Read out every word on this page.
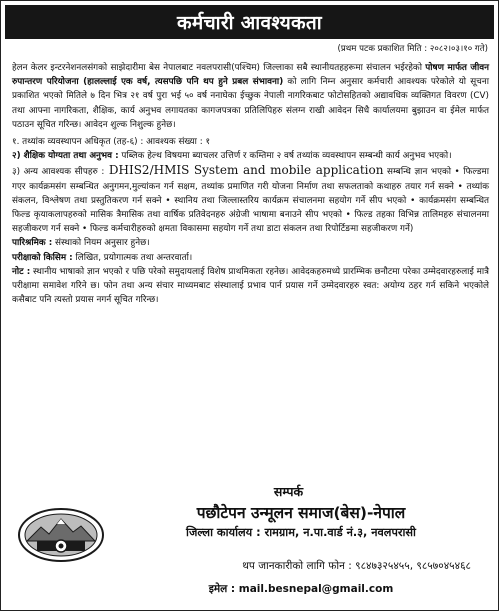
कर्मचारी आवश्यकता
(प्रथम पटक प्रकाशित मिति : २०८२।०३।१० गते)
हेलन केलर इन्टरनेशनलसंगको साझेदारीमा बेस नेपालबाट नवलपरासी(पश्चिम) जिल्लाका सबै स्थानीयतहहरूमा संचालन भईरहेको पोषण मार्फत जीवन रुपान्तरण परियोजना (हालल्लाई एक वर्ष, त्यसपछि पनि थप हुने प्रबल संभावना) को लागि निम्न अनुसार कर्मचारी आवश्यक परेकोले यो सूचना प्रकाशित भएको मितिले ७ दिन भित्र २१ वर्ष पुरा भई ५० वर्ष ननाघेका ईच्छुक नेपाली नागरिकबाट फोटोसहितको अद्यावधिक व्यक्तिगत विवरण (CV) तथा आफ्ना नागरिकता, शैक्षिक, कार्य अनुभव लगायतका कागजपत्रका प्रतिलिपिहरु संलग्न राखी आवेदन सिधै कार्यालयमा बुझाउन वा ईमेल मार्फत पठाउन सूचित गरिन्छ। आवेदन शुल्क निशुल्क हुनेछ।
१. तथ्यांक व्यवस्थापन अधिकृत (तह-६) : आवश्यक संख्या : १
२) शैक्षिक योग्यता तथा अनुभव : पब्लिक हेल्थ विषयमा ब्याचलर उत्तिर्ण र कम्तिमा २ वर्ष तथ्यांक व्यवस्थापन सम्बन्धी कार्य अनुभव भएको।
३) अन्य आवश्यक सीपहरु : DHIS2/HMIS System and mobile application सम्बन्धि ज्ञान भएको • फिल्डमा गएर कार्यक्रमसंग सम्बन्धित अनुगमन,मुल्यांकन गर्न सक्षम, तथ्यांक प्रमाणित गरी योजना निर्माण तथा सफलताको कथाहरु तयार गर्न सक्ने • तथ्यांक संकलन, विश्लेषण तथा प्रस्तुतिकरण गर्न सक्ने • स्थानिय तथा जिल्लास्तरिय कार्यक्रम संचालनमा सहयोग गर्ने सीप भएको • कार्यक्रमसंग सम्बन्धित फिल्ड कृयाकलापहरुको मासिक त्रैमासिक तथा वार्षिक प्रतिवेदनहरु अंग्रेजी भाषामा बनाउने सीप भएको • फिल्ड तहका विभिन्न तालिमहरु संचालनमा सहजीकरण गर्न सक्ने • फिल्ड कर्मचारीहरुको क्षमता विकासमा सहयोग गर्ने तथा डाटा संकलन तथा रिपोर्टिङमा सहजीकरण गर्ने)
पारिश्रमिक : संस्थाको नियम अनुसार हुनेछ।
परीक्षाको किसिम : लिखित, प्रयोगात्मक तथा अन्तरवार्ता।
नोट : स्थानीय भाषाको ज्ञान भएको र पछि परेको समुदायलाई विशेष प्राथमिकता रहनेछ। आवेदकहरुमध्ये प्रारम्भिक छनौटमा परेका उम्मेदवारहरुलाई मात्रै परीक्षामा समावेश गरिने छ। फोन तथा अन्य संचार माध्यमबाट संस्थालाई प्रभाव पार्न प्रयास गर्ने उम्मेदवारहरु स्वत: अयोग्य ठहर गर्न सकिने भएकोले कसैबाट पनि त्यस्तो प्रयास नगर्न सूचित गरिन्छ।
सम्पर्क
पछौटेपन उन्मूलन समाज(बेस)-नेपाल
जिल्ला कार्यालय : रामग्राम, न.पा.वार्ड नं.३, नवलपरासी
थप जानकारीको लागि फोन : ९८४७३२५४५५, ९८५७०४५४६८
इमेल : mail.besnepal@gmail.com
